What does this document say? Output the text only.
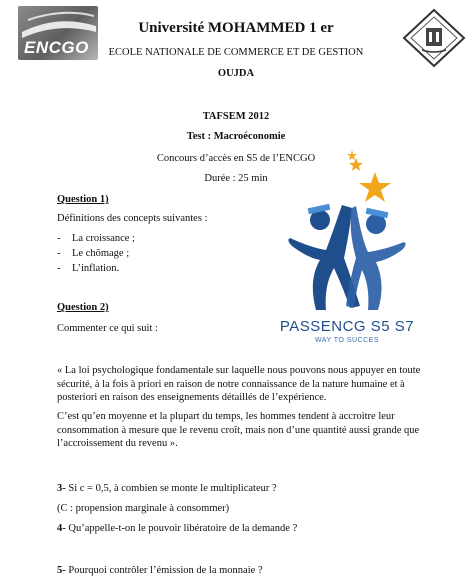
ENCGO
Université MOHAMMED 1 er
ECOLE NATIONALE DE COMMERCE ET DE GESTION
OUJDA
TAFSEM 2012
Test : Macroéconomie
Concours d’accès en S5 de l’ENCGO
Durée : 25 min
PASSENCG S5 S7
WAY TO SUCCES
Question 1)
Définitions des concepts suivantes :
- La croissance ;
- Le chômage ;
- L’inflation.
Question 2)
Commenter ce qui suit :
« La loi psychologique fondamentale sur laquelle nous pouvons nous appuyer en toute sécurité, à la fois à priori en raison de notre connaissance de la nature humaine et à posteriori en raison des enseignements détaillés de l’expérience.
C’est qu’en moyenne et la plupart du temps, les hommes tendent à accroitre leur consommation à mesure que le revenu croît, mais non d’une quantité aussi grande que l’accroissement du revenu ».
3- Si c = 0,5, à combien se monte le multiplicateur ?
(C : propension marginale à consommer)
4- Qu’appelle-t-on le pouvoir libératoire de la demande ?
5- Pourquoi contrôler l’émission de la monnaie ?
